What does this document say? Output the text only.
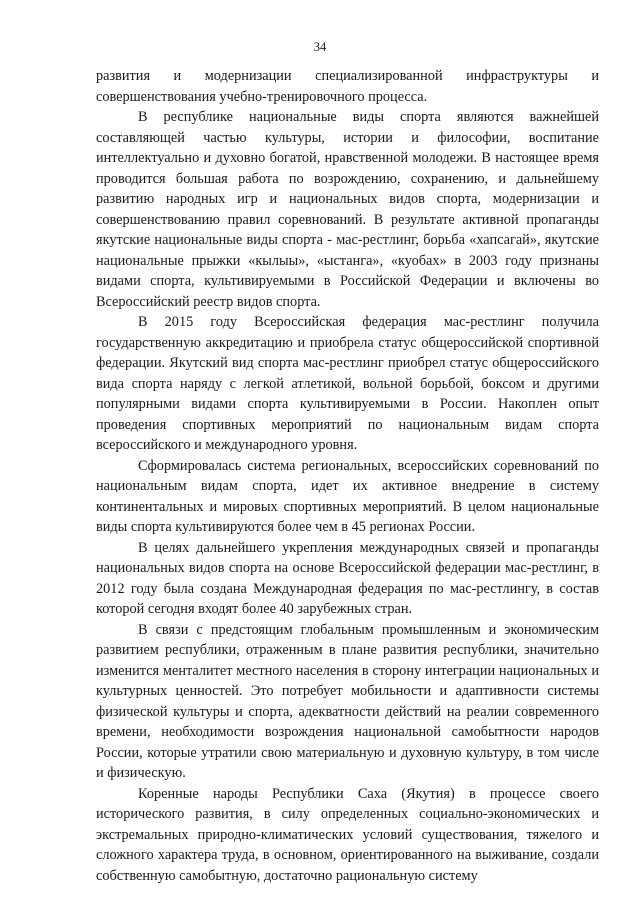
34

развития и модернизации специализированной инфраструктуры и совершенствования учебно-тренировочного процесса.

В республике национальные виды спорта являются важнейшей составляющей частью культуры, истории и философии, воспитание интеллектуально и духовно богатой, нравственной молодежи. В настоящее время проводится большая работа по возрождению, сохранению, и дальнейшему развитию народных игр и национальных видов спорта, модернизации и совершенствованию правил соревнований. В результате активной пропаганды якутские национальные виды спорта - мас-рестлинг, борьба «хапсагай», якутские национальные прыжки «кылыы», «ыстанга», «куобах» в 2003 году признаны видами спорта, культивируемыми в Российской Федерации и включены во Всероссийский реестр видов спорта.

В 2015 году Всероссийская федерация мас-рестлинг получила государственную аккредитацию и приобрела статус общероссийской спортивной федерации. Якутский вид спорта мас-рестлинг приобрел статус общероссийского вида спорта наряду с легкой атлетикой, вольной борьбой, боксом и другими популярными видами спорта культивируемыми в России. Накоплен опыт проведения спортивных мероприятий по национальным видам спорта всероссийского и международного уровня.

Сформировалась система региональных, всероссийских соревнований по национальным видам спорта, идет их активное внедрение в систему континентальных и мировых спортивных мероприятий. В целом национальные виды спорта культивируются более чем в 45 регионах России.

В целях дальнейшего укрепления международных связей и пропаганды национальных видов спорта на основе Всероссийской федерации мас-рестлинг, в 2012 году была создана Международная федерация по мас-рестлингу, в состав которой сегодня входят более 40 зарубежных стран.

В связи с предстоящим глобальным промышленным и экономическим развитием республики, отраженным в плане развития республики, значительно изменится менталитет местного населения в сторону интеграции национальных и культурных ценностей. Это потребует мобильности и адаптивности системы физической культуры и спорта, адекватности действий на реалии современного времени, необходимости возрождения национальной самобытности народов России, которые утратили свою материальную и духовную культуру, в том числе и физическую.

Коренные народы Республики Саха (Якутия) в процессе своего исторического развития, в силу определенных социально-экономических и экстремальных природно-климатических условий существования, тяжелого и сложного характера труда, в основном, ориентированного на выживание, создали собственную самобытную, достаточно рациональную систему
